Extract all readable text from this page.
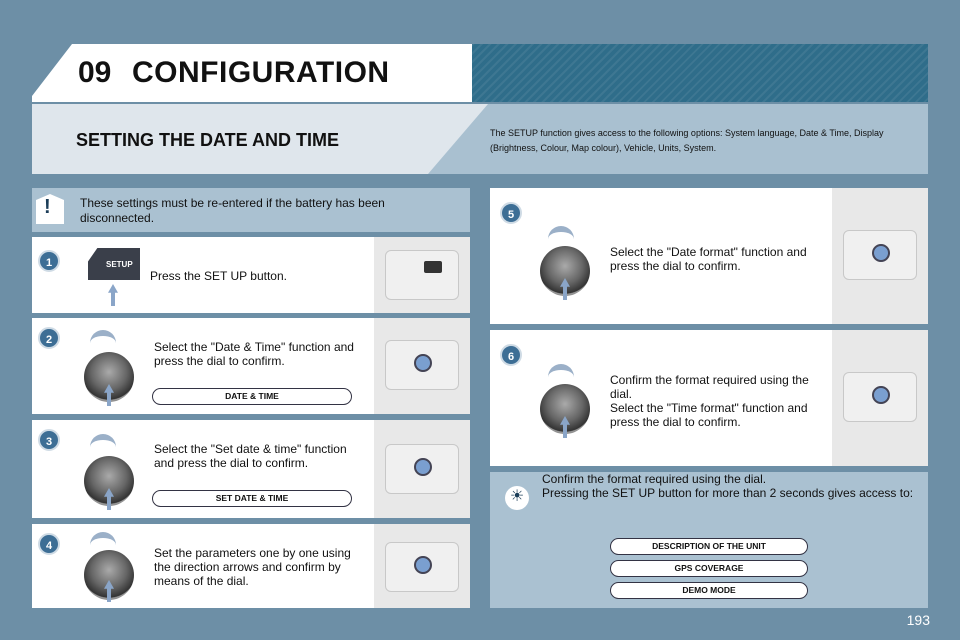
09 CONFIGURATION
SETTING THE DATE AND TIME	The SETUP function gives access to the following options: System language, Date & Time, Display (Brightness, Colour, Map colour), Vehicle, Units, System.
! These settings must be re-entered if the battery has been disconnected.
1	SETUP
Press the SET UP button.
2	Select the "Date & Time" function and press the dial to confirm.
DATE & TIME
3	Select the "Set date & time" function and press the dial to confirm.
SET DATE & TIME
4	Set the parameters one by one using the direction arrows and confirm by means of the dial.
5
Select the "Date format" function and press the dial to confirm.
6
Confirm the format required using the dial.
Select the "Time format" function and press the dial to confirm.
☀
Confirm the format required using the dial.
Pressing the SET UP button for more than 2 seconds gives access to:
DESCRIPTION OF THE UNIT
GPS COVERAGE
DEMO MODE
193
